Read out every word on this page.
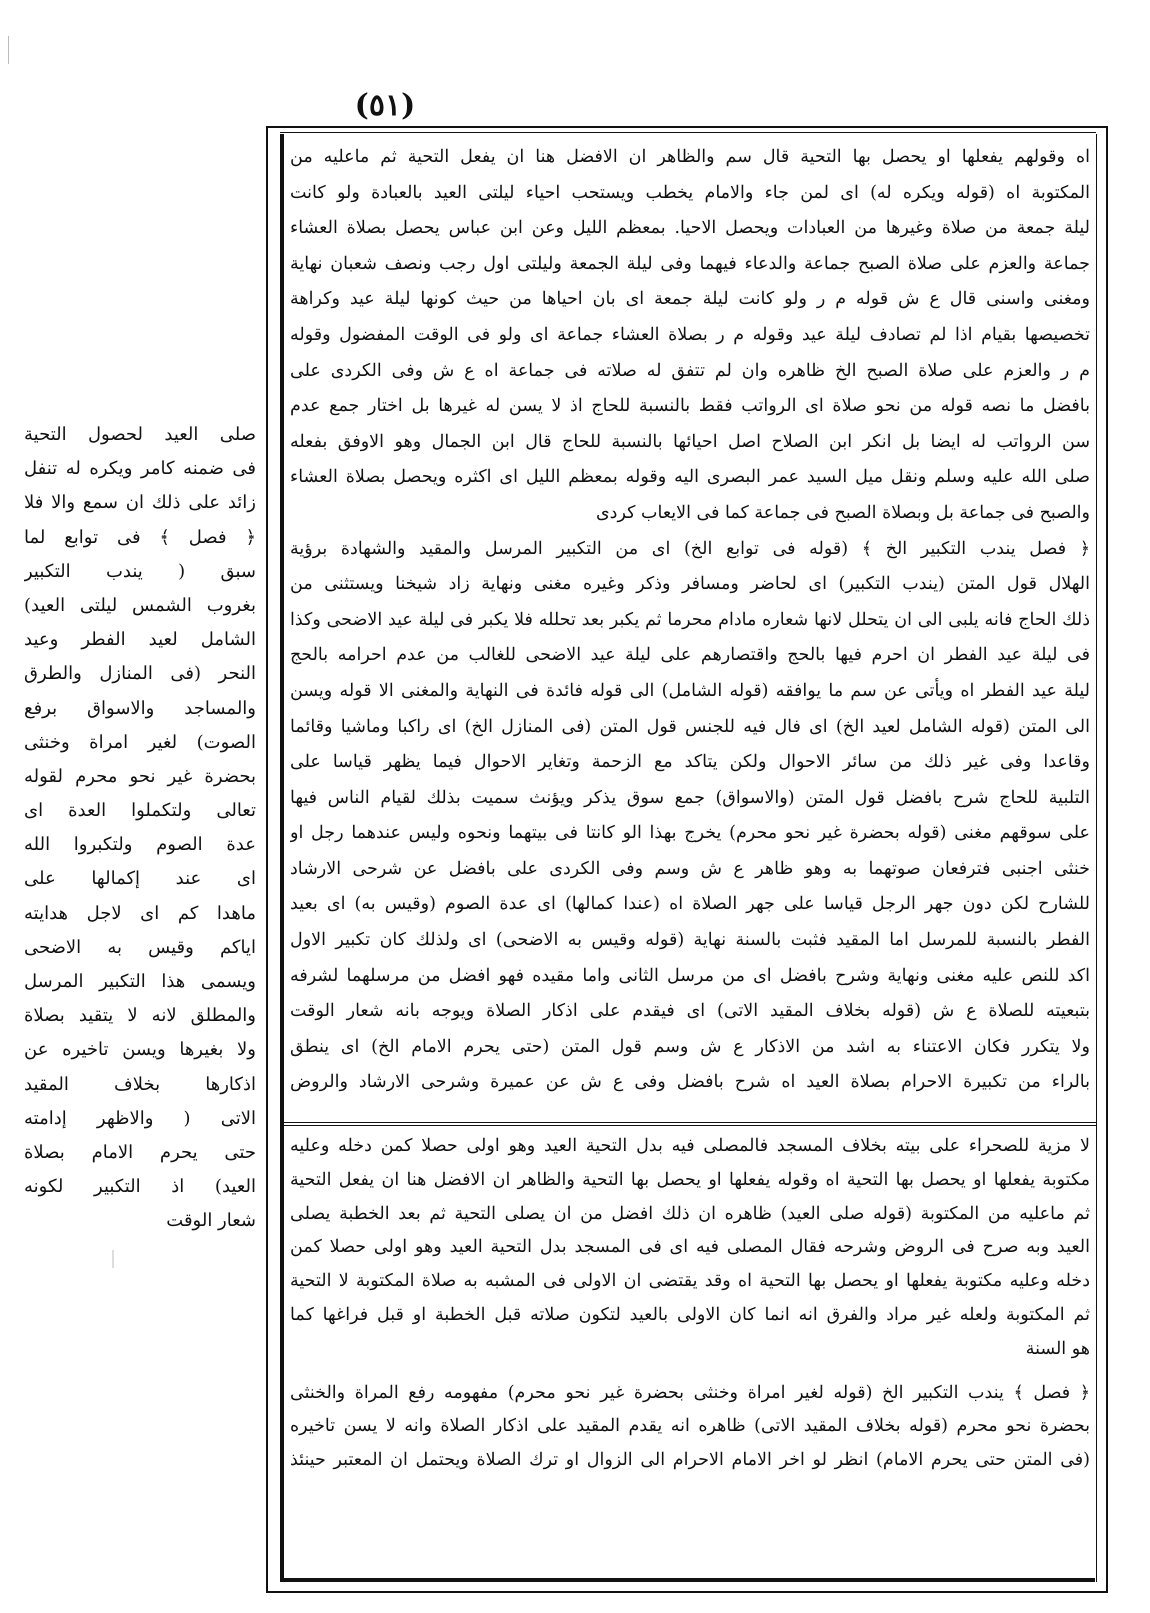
(٥١)
اه وقولهم يفعلها او يحصل بها التحية قال سم والظاهر ان الافضل هنا ان يفعل التحية ثم ماعليه من
المكتوبة اه (قوله ويكره له) اى لمن جاء والامام يخطب ويستحب احياء ليلتى العيد بالعبادة ولو كانت
ليلة جمعة من صلاة وغيرها من العبادات ويحصل الاحيا. بمعظم الليل وعن ابن عباس يحصل بصلاة العشاء
جماعة والعزم على صلاة الصبح جماعة والدعاء فيهما وفى ليلة الجمعة وليلتى اول رجب ونصف شعبان نهاية
ومغنى واسنى قال ع ش قوله م ر ولو كانت ليلة جمعة اى بان احياها من حيث كونها ليلة عيد وكراهة
تخصيصها بقيام اذا لم تصادف ليلة عيد وقوله م ر بصلاة العشاء جماعة اى ولو فى الوقت المفضول وقوله
م ر والعزم على صلاة الصبح الخ ظاهره وان لم تتفق له صلاته فى جماعة اه ع ش وفى الكردى على
بافضل ما نصه قوله من نحو صلاة اى الرواتب فقط بالنسبة للحاج اذ لا يسن له غيرها بل اختار جمع عدم
سن الرواتب له ايضا بل انكر ابن الصلاح اصل احيائها بالنسبة للحاج قال ابن الجمال وهو الاوفق بفعله
صلى الله عليه وسلم ونقل ميل السيد عمر البصرى اليه وقوله بمعظم الليل اى اكثره ويحصل بصلاة العشاء
والصبح فى جماعة بل وبصلاة الصبح فى جماعة كما فى الايعاب كردى
﴿ فصل يندب التكبير الخ ﴾ (قوله فى توابع الخ) اى من التكبير المرسل والمقيد والشهادة برؤية
الهلال قول المتن (يندب التكبير) اى لحاضر ومسافر وذكر وغيره مغنى ونهاية زاد شيخنا ويستثنى من
ذلك الحاج فانه يلبى الى ان يتحلل لانها شعاره مادام محرما ثم يكبر بعد تحلله فلا يكبر فى ليلة عيد الاضحى وكذا
فى ليلة عيد الفطر ان احرم فيها بالحج واقتصارهم على ليلة عيد الاضحى للغالب من عدم احرامه بالحج
ليلة عيد الفطر اه ويأتى عن سم ما يوافقه (قوله الشامل) الى قوله فائدة فى النهاية والمغنى الا قوله ويسن
الى المتن (قوله الشامل لعيد الخ) اى فال فيه للجنس قول المتن (فى المنازل الخ) اى راكبا وماشيا وقائما
وقاعدا وفى غير ذلك من سائر الاحوال ولكن يتاكد مع الزحمة وتغاير الاحوال فيما يظهر قياسا على
التلبية للحاج شرح بافضل قول المتن (والاسواق) جمع سوق يذكر ويؤنث سميت بذلك لقيام الناس فيها
على سوقهم مغنى (قوله بحضرة غير نحو محرم) يخرج بهذا الو كانتا فى بيتهما ونحوه وليس عندهما رجل او
خنثى اجنبى فترفعان صوتهما به وهو ظاهر ع ش وسم وفى الكردى على بافضل عن شرحى الارشاد
للشارح لكن دون جهر الرجل قياسا على جهر الصلاة اه (عندا كمالها) اى عدة الصوم (وقيس به) اى بعيد
الفطر بالنسبة للمرسل اما المقيد فثبت بالسنة نهاية (قوله وقيس به الاضحى) اى ولذلك كان تكبير الاول
اكد للنص عليه مغنى ونهاية وشرح بافضل اى من مرسل الثانى واما مقيده فهو افضل من مرسلهما لشرفه
بتبعيته للصلاة ع ش (قوله بخلاف المقيد الاتى) اى فيقدم على اذكار الصلاة ويوجه بانه شعار الوقت
ولا يتكرر فكان الاعتناء به اشد من الاذكار ع ش وسم قول المتن (حتى يحرم الامام الخ) اى ينطق
بالراء من تكبيرة الاحرام بصلاة العيد اه شرح بافضل وفى ع ش عن عميرة وشرحى الارشاد والروض
لا مزية للصحراء على بيته بخلاف المسجد فالمصلى فيه بدل التحية العيد وهو اولى حصلا كمن دخله وعليه
مكتوبة يفعلها او يحصل بها التحية اه وقوله يفعلها او يحصل بها التحية والظاهر ان الافضل هنا ان يفعل التحية
ثم ماعليه من المكتوبة (قوله صلى العيد) ظاهره ان ذلك افضل من ان يصلى التحية ثم بعد الخطبة يصلى
العيد وبه صرح فى الروض وشرحه فقال المصلى فيه اى فى المسجد بدل التحية العيد وهو اولى حصلا كمن
دخله وعليه مكتوبة يفعلها او يحصل بها التحية اه وقد يقتضى ان الاولى فى المشبه به صلاة المكتوبة لا التحية
ثم المكتوبة ولعله غير مراد والفرق انه انما كان الاولى بالعيد لتكون صلاته قبل الخطبة او قبل فراغها كما
هو السنة
﴿ فصل ﴾ يندب التكبير الخ (قوله لغير امراة وخنثى بحضرة غير نحو محرم) مفهومه رفع المراة والخنثى
بحضرة نحو محرم (قوله بخلاف المقيد الاتى) ظاهره انه يقدم المقيد على اذكار الصلاة وانه لا يسن تاخيره
(فى المتن حتى يحرم الامام) انظر لو اخر الامام الاحرام الى الزوال او ترك الصلاة ويحتمل ان المعتبر حينئذ
صلى العيد لحصول التحية
فى ضمنه كامر ويكره له تنفل
زائد على ذلك ان سمع والا فلا
﴿ فصل ﴾ فى توابع لما
سبق ( يندب التكبير
بغروب الشمس ليلتى العيد)
الشامل لعيد الفطر وعيد
النحر (فى المنازل والطرق
والمساجد والاسواق برفع
الصوت) لغير امراة وخنثى
بحضرة غير نحو محرم لقوله
تعالى ولتكملوا العدة اى
عدة الصوم ولتكبروا الله
اى عند إكمالها على
ماهدا كم اى لاجل هدايته
اياكم وقيس به الاضحى
ويسمى هذا التكبير المرسل
والمطلق لانه لا يتقيد بصلاة
ولا بغيرها ويسن تاخيره عن
اذكارها بخلاف المقيد
الاتى ( والاظهر إدامته
حتى يحرم الامام بصلاة
العيد) اذ التكبير لكونه
شعار الوقت
